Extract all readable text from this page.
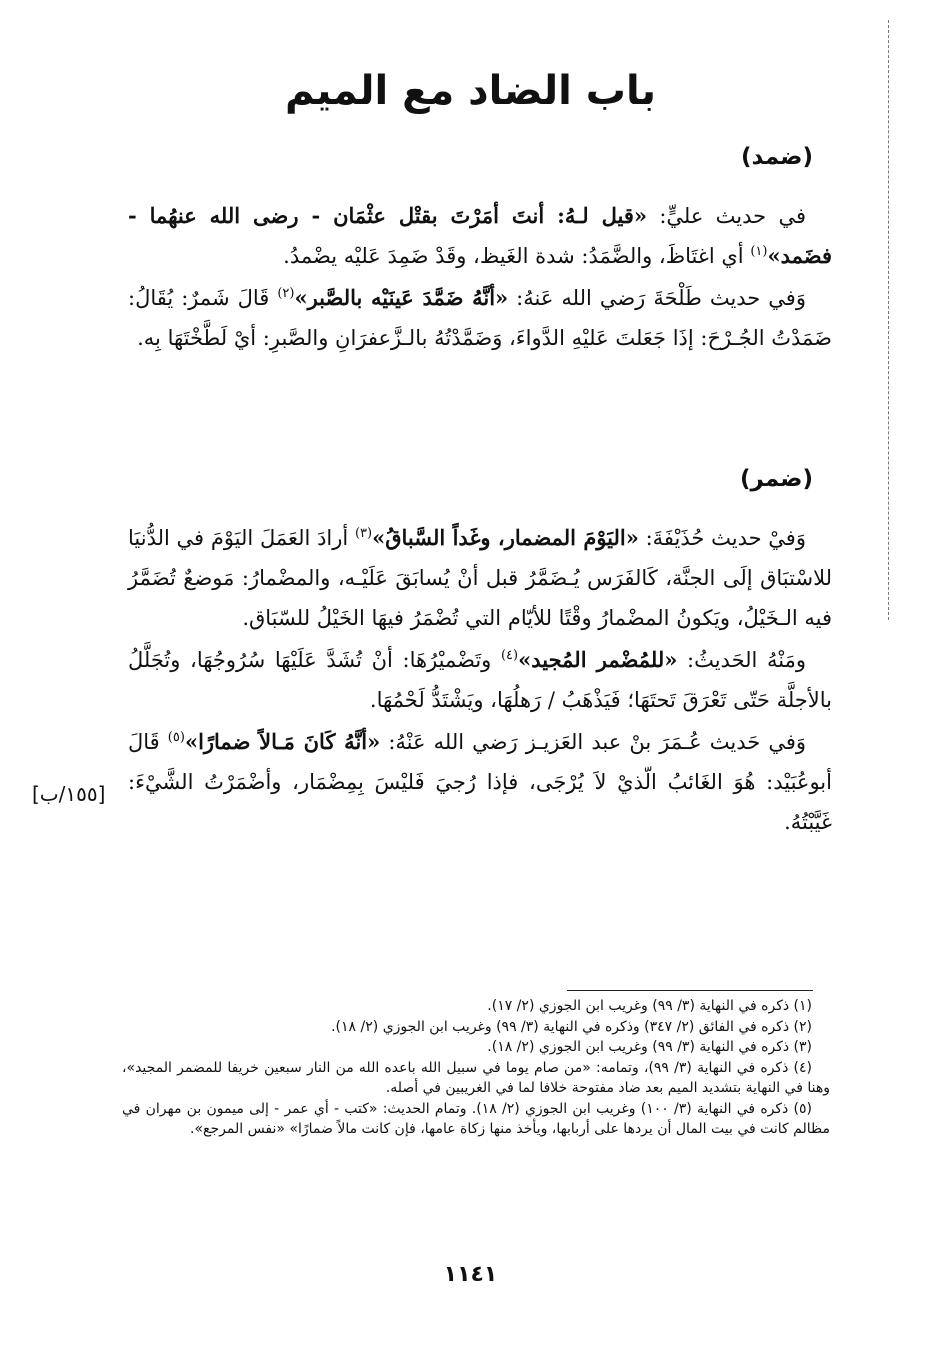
باب الضاد مع الميم
(ضمد)

في حديث عليٍّ: «قيل لـهُ: أنتَ أمَرْتَ بقتْل عثْمَان - رضى الله عنهُما - فضَمد»$^{(١)}$ أي اغتَاظَ، والضَّمَدُ: شدة الغَيظ، وقَدْ ضَمِدَ عَليْه يضْمدُ.

وَفي حديث طَلْحَةَ رَضي الله عَنهُ: «أنَّهُ ضَمَّدَ عَينَيْه بالصَّبر»$^{(٢)}$ قَالَ شَمرٌ: يُقَالُ: ضَمَدْتُ الجُـرْحَ: إذَا جَعَلتَ عَليْهِ الدَّواءَ، وَضَمَّدْتُهُ بالـزَّعفرَانِ والصَّبرِ: أيْ لَطَّخْتَهَا بِه.

(ضمر)

وَفيْ حديث حُذَيْفَةَ: «اليَوْمَ المضمار، وغَداً السَّباقُ»$^{(٣)}$ أرادَ العَمَلَ اليَوْمَ في الدُّنيَا للاسْتبَاق إلَى الجنَّة، كَالفَرَس يُـضَمَّرُ قبل أنْ يُسابَقَ عَلَيْـه، والمضْمارُ: مَوضعٌ تُضَمَّرُ فيه الـخَيْلُ، ويَكونُ المضْمارُ وقْتًا للأيّام التي تُضْمَرُ فيهَا الخَيْلُ للسّبَاق.

ومَنْهُ الحَديثُ: «للمُضْمر المُجيد»$^{(٤)}$ وتَضْميْرُهَا: أنْ تُشَدَّ عَلَيْهَا سُرُوجُهَا، وتُجَلَّلُ بالأجلَّة حَتّى تَعْرَقَ تَحتَهَا؛ فَيَذْهَبُ / رَهلُهَا، ويَشْتَدُّ لَحْمُهَا.

وَفي حَديث عُـمَرَ بنْ عبد العَزيـز رَضي الله عَنْهُ: «أنَّهُ كَانَ مَـالاً ضمارًا»$^{(٥)}$ قَالَ أبوعُبَيْد: هُوَ الغَائبُ الّذيْ لاَ يُرْجَى، فإذا رُجيَ فَليْسَ بِمِضْمَار، وأضْمَرْتُ الشَّيْءَ: غَيَّبْتُهُ.

[١٥٥/ب]

(١) ذكره في النهاية (٣/ ٩٩) وغريب ابن الجوزي (٢/ ١٧).

(٢) ذكره في الفائق (٢/ ٣٤٧) وذكره في النهاية (٣/ ٩٩) وغريب ابن الجوزي (٢/ ١٨).

(٣) ذكره في النهاية (٣/ ٩٩) وغريب ابن الجوزي (٢/ ١٨).

(٤) ذكره في النهاية (٣/ ٩٩)، وتمامه: «من صام يوما في سبيل الله باعده الله من النار سبعين خريفا للمضمر المجيد»، وهنا في النهاية بتشديد الميم بعد ضاد مفتوحة خلافا لما في الغريبين في أصله.

(٥) ذكره في النهاية (٣/ ١٠٠) وغريب ابن الجوزي (٢/ ١٨). وتمام الحديث: «كتب - أي عمر - إلى ميمون بن مهران في مظالم كانت في بيت المال أن يردها على أربابها، ويأخذ منها زكاة عامها، فإن كانت مالاً ضمارًا» «نفس المرجع».

١١٤١
